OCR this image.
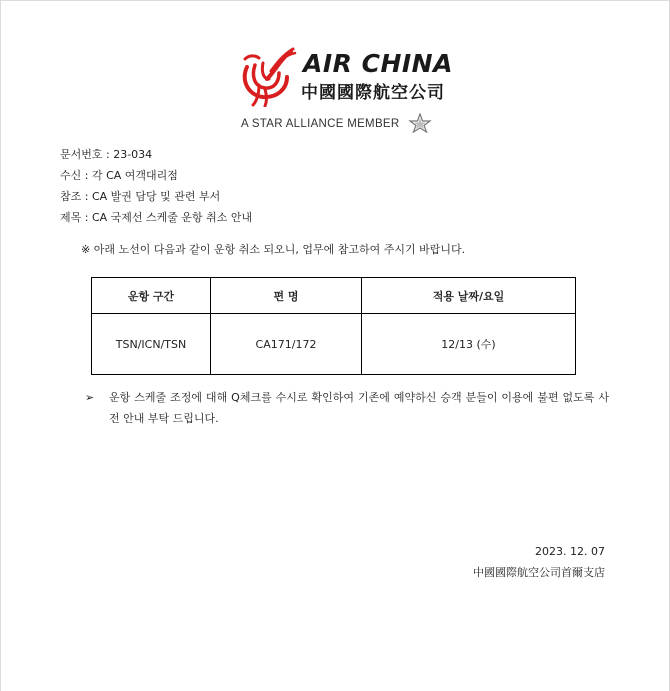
AIR CHINA
中國國際航空公司
A STAR ALLIANCE MEMBER
문서번호 : 23-034
수신 : 각 CA 여객대리점
참조 : CA 발권 담당 및 관련 부서
제목 : CA 국제선 스케줄 운항 취소 안내
※ 아래 노선이 다음과 같이 운항 취소 되오니, 업무에 참고하여 주시기 바랍니다.
운항 구간	편 명	적용 날짜/요일
TSN/ICN/TSN	CA171/172	12/13 (수)
➢ 운항 스케줄 조정에 대해 Q체크를 수시로 확인하여 기존에 예약하신 승객 분들이 이용에 불편 없도록 사전 안내 부탁 드립니다.
2023. 12. 07
中國國際航空公司首爾支店
